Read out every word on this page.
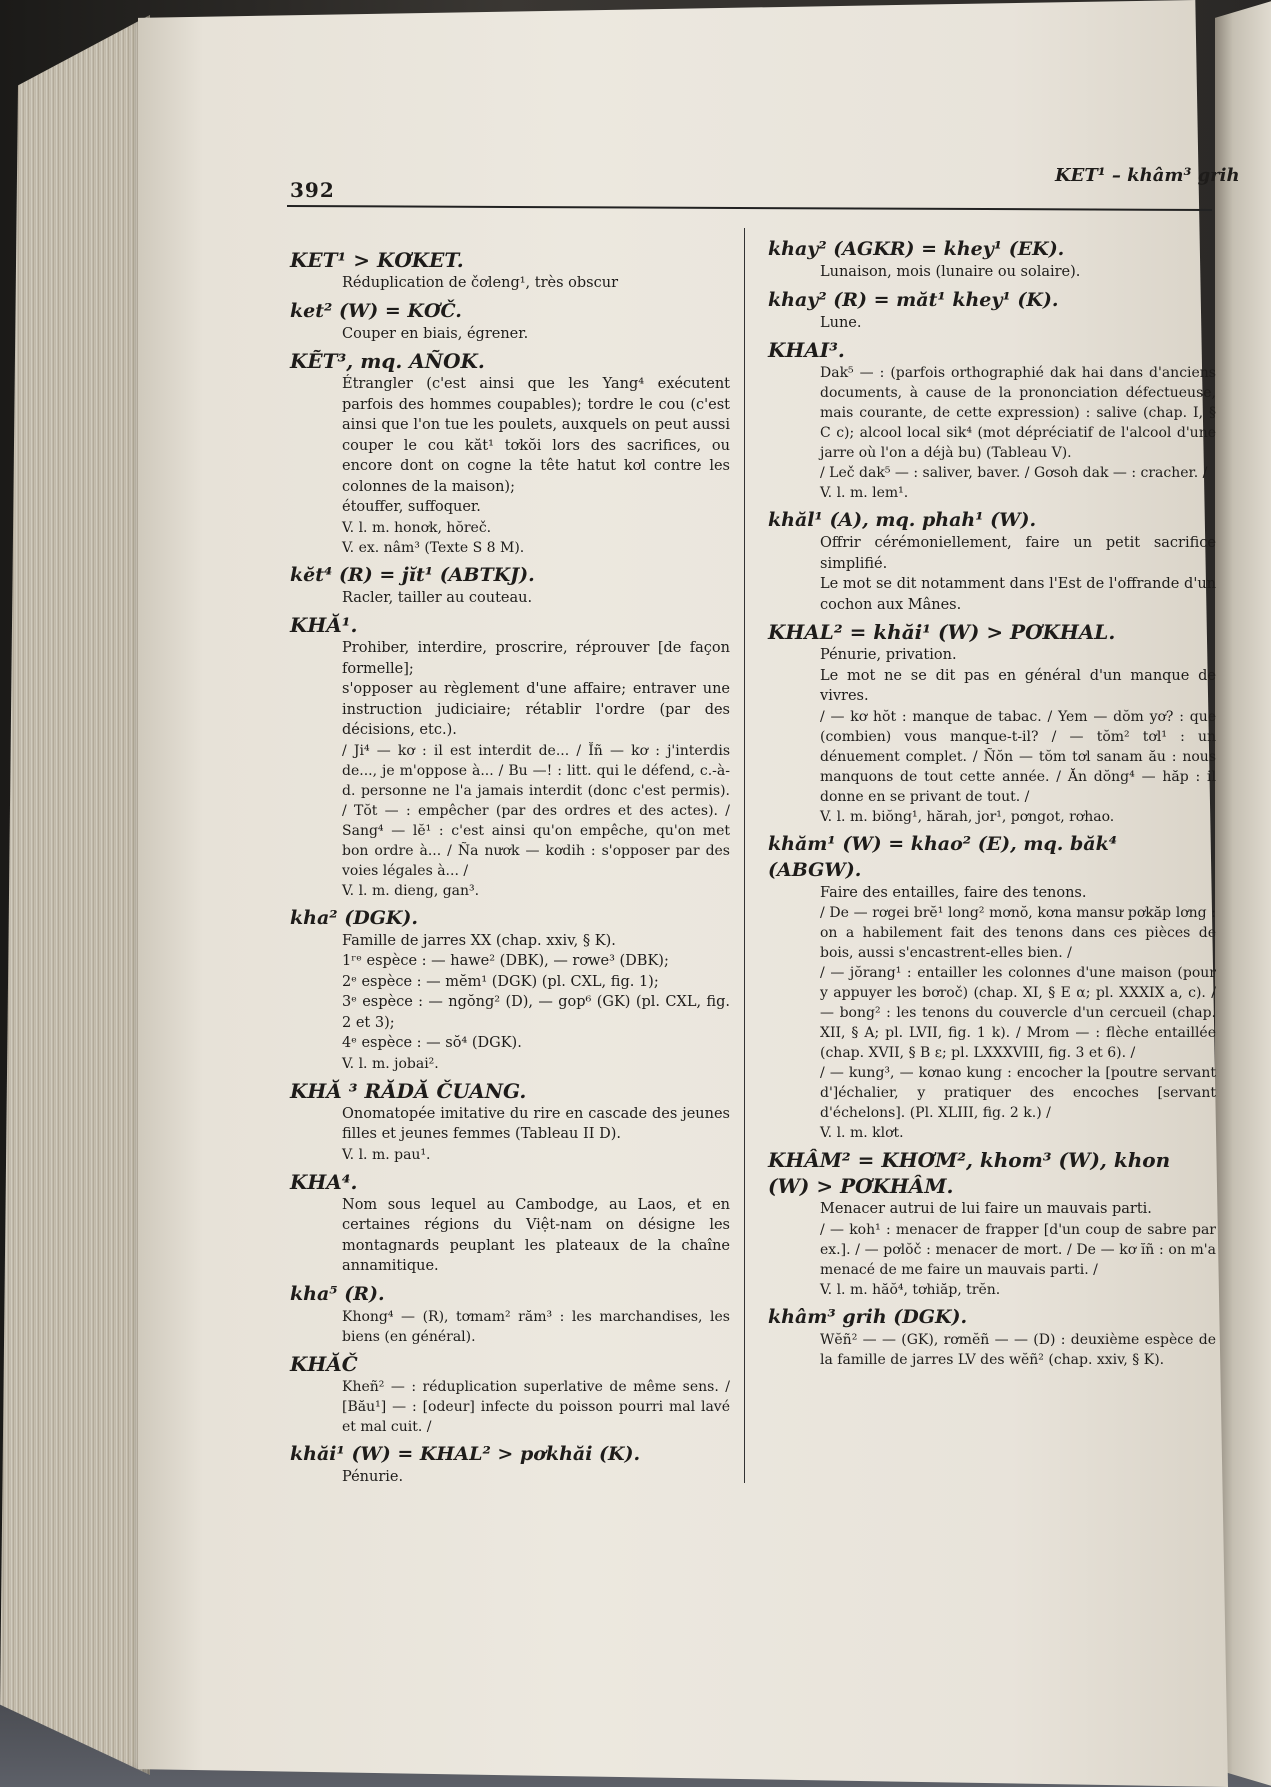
392
KET¹ – khâm³ grih

KET¹ > KƠKET.

Réduplication de čơleng¹, très obscur

ket² (W) = KƠČ.

Couper en biais, égrener.

KẼT³, mq. AÑOK.

Étrangler (c'est ainsi que les Yang⁴ exécutent parfois des hommes coupables); tordre le cou (c'est ainsi que l'on tue les poulets, auxquels on peut aussi couper le cou kăt¹ tơkŏi lors des sacrifices, ou encore dont on cogne la tête hatut kơl contre les colonnes de la maison);

étouffer, suffoquer.

V. l. m. honơk, hŏreč.

V. ex. nâm³ (Texte S 8 M).

kĕt⁴ (R) = jĭt¹ (ABTKJ).

Racler, tailler au couteau.

KHĂ¹.

Prohiber, interdire, proscrire, réprouver [de façon formelle];

s'opposer au règlement d'une affaire; entraver une instruction judiciaire; rétablir l'ordre (par des décisions, etc.).

/ Ji⁴ — kơ : il est interdit de... / Ĭñ — kơ : j'interdis de..., je m'oppose à... / Bu —! : litt. qui le défend, c.-à-d. personne ne l'a jamais interdit (donc c'est permis). / Tŏt — : empêcher (par des ordres et des actes). / Sang⁴ — lĕ¹ : c'est ainsi qu'on empêche, qu'on met bon ordre à... / Ña nươk — kơdih : s'opposer par des voies légales à... /

V. l. m. dieng, gan³.

kha² (DGK).

Famille de jarres XX (chap. xxiv, § K).

1ʳᵉ espèce : — hawe² (DBK), — rơwe³ (DBK);

2ᵉ espèce : — mĕm¹ (DGK) (pl. CXL, fig. 1);

3ᵉ espèce : — ngŏng² (D), — gop⁶ (GK) (pl. CXL, fig. 2 et 3);

4ᵉ espèce : — sŏ⁴ (DGK).

V. l. m. jobai².

KHĂ ³ RĂDĂ ČUANG.

Onomatopée imitative du rire en cascade des jeunes filles et jeunes femmes (Tableau II D).

V. l. m. pau¹.

KHA⁴.

Nom sous lequel au Cambodge, au Laos, et en certaines régions du Việt-nam on désigne les montagnards peuplant les plateaux de la chaîne annamitique.

kha⁵ (R).

Khong⁴ — (R), tơmam² răm³ : les marchandises, les biens (en général).

KHĂČ

Kheñ² — : réduplication superlative de même sens. / [Bău¹] — : [odeur] infecte du poisson pourri mal lavé et mal cuit. /

khăi¹ (W) = KHAL² > pơkhăi (K).

Pénurie.

khay² (AGKR) = khey¹ (EK).

Lunaison, mois (lunaire ou solaire).

khay² (R) = măt¹ khey¹ (K).

Lune.

KHAI³.

Dak⁵ — : (parfois orthographié dak hai dans d'anciens documents, à cause de la prononciation défectueuse, mais courante, de cette expression) : salive (chap. I, § C c); alcool local sik⁴ (mot dépréciatif de l'alcool d'une jarre où l'on a déjà bu) (Tableau V).

/ Leč dak⁵ — : saliver, baver. / Gơsoh dak — : cracher. /

V. l. m. lem¹.

khăl¹ (A), mq. phah¹ (W).

Offrir cérémoniellement, faire un petit sacrifice simplifié.

Le mot se dit notamment dans l'Est de l'offrande d'un cochon aux Mânes.

KHAL² = khăi¹ (W) > PƠKHAL.

Pénurie, privation.

Le mot ne se dit pas en général d'un manque de vivres.

/ — kơ hŏt : manque de tabac. / Yem — dŏm yơ? : que (combien) vous manque-t-il? / — tŏm² tơl¹ : un dénuement complet. / Ñŏn — tŏm tơl sanam ău : nous manquons de tout cette année. / Ăn dŏng⁴ — hăp : il donne en se privant de tout. /

V. l. m. biŏng¹, hărah, jor¹, pơngot, rơhao.

khăm¹ (W) = khao² (E), mq. băk⁴ (ABGW).

Faire des entailles, faire des tenons.

/ De — rơgei brĕ¹ long² mơnŏ, kơna mansư pơkăp lơng : on a habilement fait des tenons dans ces pièces de bois, aussi s'encastrent-elles bien. /

/ — jŏrang¹ : entailler les colonnes d'une maison (pour y appuyer les bơroč) (chap. XI, § E α; pl. XXXIX a, c). / — bong² : les tenons du couvercle d'un cercueil (chap. XII, § A; pl. LVII, fig. 1 k). / Mrom — : flèche entaillée (chap. XVII, § B ε; pl. LXXXVIII, fig. 3 et 6). /

/ — kung³, — kơnao kung : encocher la [poutre servant d']échalier, y pratiquer des encoches [servant d'échelons]. (Pl. XLIII, fig. 2 k.) /

V. l. m. klơt.

KHÂM² = KHƠM², khom³ (W), khon (W) > PƠKHÂM.

Menacer autrui de lui faire un mauvais parti.

/ — koh¹ : menacer de frapper [d'un coup de sabre par ex.]. / — pơlŏč : menacer de mort. / De — kơ ĭñ : on m'a menacé de me faire un mauvais parti. /

V. l. m. hăŏ⁴, tơhiăp, trĕn.

khâm³ grih (DGK).

Wĕñ² — — (GK), rơmĕñ — — (D) : deuxième espèce de la famille de jarres LV des wĕñ² (chap. xxiv, § K).
